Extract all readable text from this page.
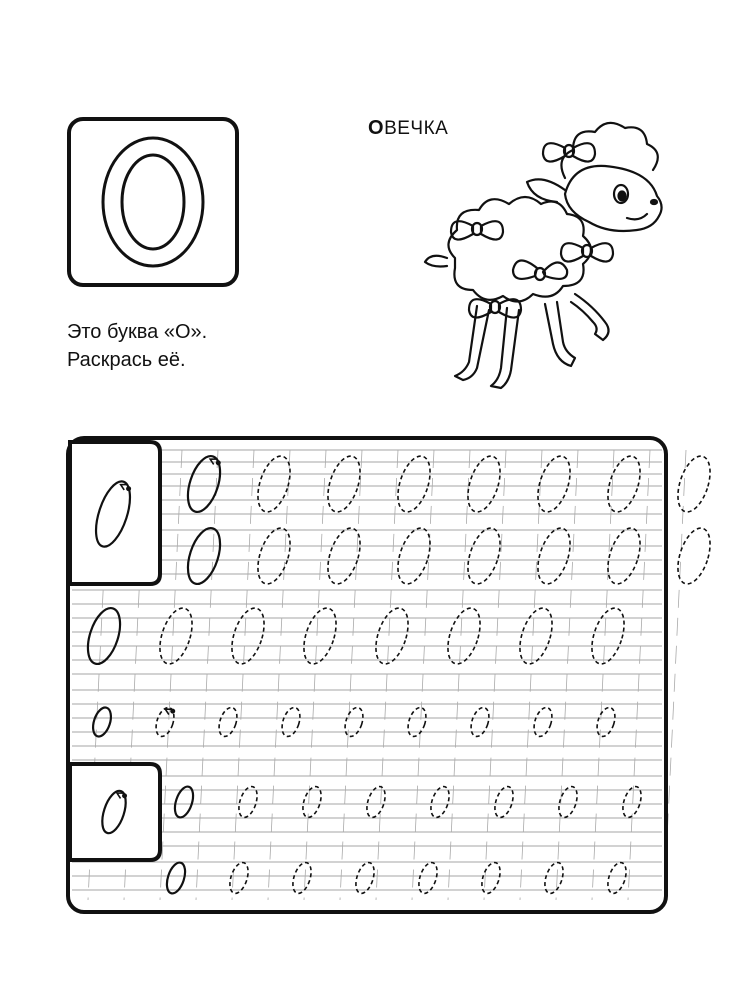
ОВЕЧКА
Это буква «О».
Раскрась её.
